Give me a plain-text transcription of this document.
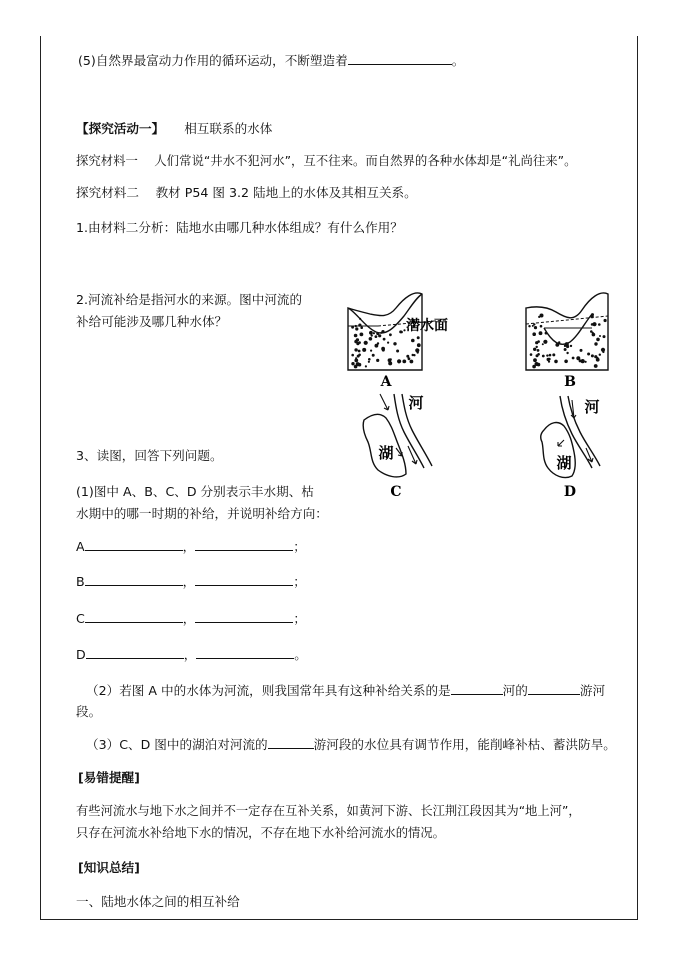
(5)自然界最富动力作用的循环运动，不断塑造着	。
【探究活动一】 相互联系的水体
探究材料一　 人们常说“井水不犯河水”，互不往来。而自然界的各种水体却是“礼尚往来”。
探究材料二　 教材 P54 图 3.2 陆地上的水体及其相互关系。
1.由材料二分析：陆地水由哪几种水体组成？有什么作用？
2.河流补给是指河水的来源。图中河流的
补给可能涉及哪几种水体？
3、读图，回答下列问题。
(1)图中 A、B、C、D 分别表示丰水期、枯
水期中的哪一时期的补给，并说明补给方向：
A	，	；
B	，	；
C	，	；
D	，	。
（2）若图 A 中的水体为河流，则我国常年具有这种补给关系的是	河的	游河
段。
（3）C、D 图中的湖泊对河流的	游河段的水位具有调节作用，能削峰补枯、蓄洪防旱。
[易错提醒]
有些河流水与地下水之间并不一定存在互补关系，如黄河下游、长江荆江段因其为“地上河”，
只存在河流水补给地下水的情况，不存在地下水补给河流水的情况。
[知识总结]
一、陆地水体之间的相互补给
潜水面
A	B
河
湖
C
河
湖
D
